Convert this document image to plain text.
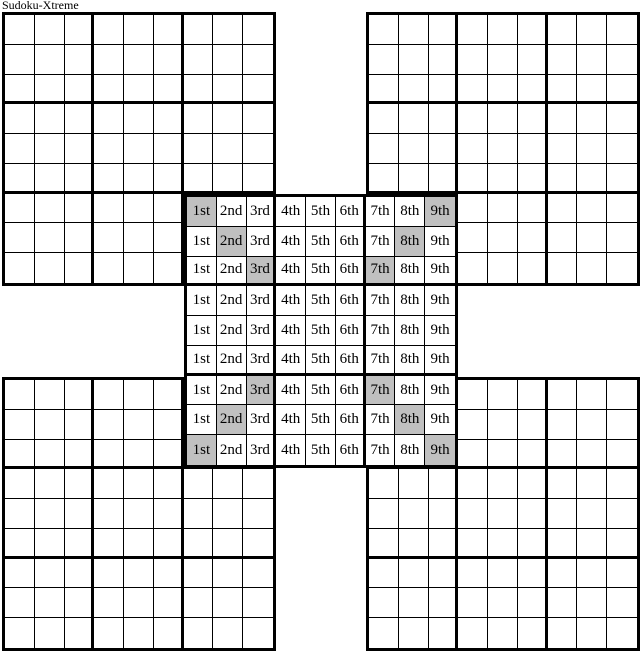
Sudoku-Xtreme
1st 2nd 3rd 4th 5th 6th 7th 8th 9th
1st 2nd 3rd 4th 5th 6th 7th 8th 9th
1st 2nd 3rd 4th 5th 6th 7th 8th 9th
1st 2nd 3rd 4th 5th 6th 7th 8th 9th
1st 2nd 3rd 4th 5th 6th 7th 8th 9th
1st 2nd 3rd 4th 5th 6th 7th 8th 9th
1st 2nd 3rd 4th 5th 6th 7th 8th 9th
1st 2nd 3rd 4th 5th 6th 7th 8th 9th
1st 2nd 3rd 4th 5th 6th 7th 8th 9th
